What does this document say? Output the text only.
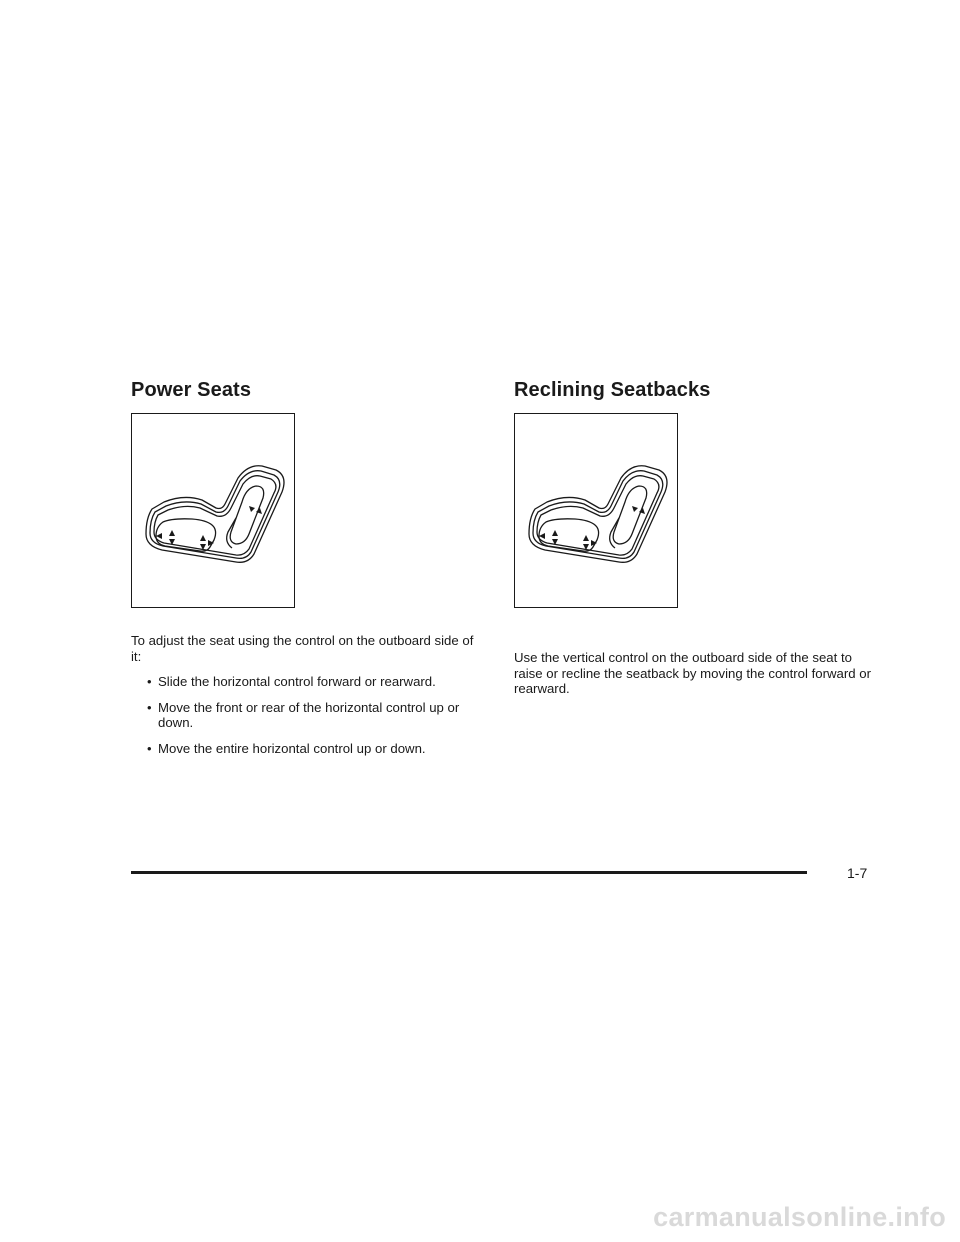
Power Seats

To adjust the seat using the control on the outboard side of it:

• Slide the horizontal control forward or rearward.
• Move the front or rear of the horizontal control up or down.
• Move the entire horizontal control up or down.
Reclining Seatbacks

Use the vertical control on the outboard side of the seat to raise or recline the seatback by moving the control forward or rearward.

1-7
carmanualsonline.info
